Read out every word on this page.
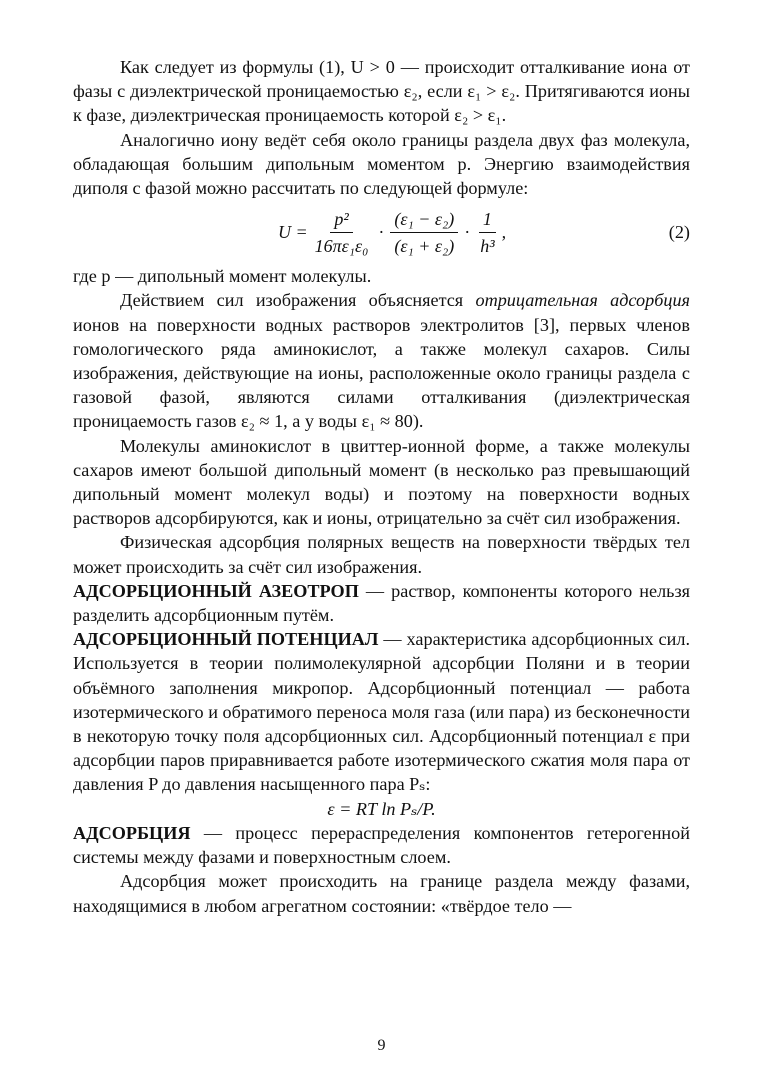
Как следует из формулы (1), U > 0 — происходит отталкивание иона от фазы с диэлектрической проницаемостью ε₂, если ε₁ > ε₂. Притягиваются ионы к фазе, диэлектрическая проницаемость которой ε₂ > ε₁.

Аналогично иону ведёт себя около границы раздела двух фаз молекула, обладающая большим дипольным моментом p. Энергию взаимодействия диполя с фазой можно рассчитать по следующей формуле:

$U = \frac{\text{p²}}{\text{16πε₁ε₀}} \cdot \frac{\text{(ε₁ − ε₂)}}{\text{(ε₁ + ε₂)}} \cdot \frac{1}{\text{h³}}$ ,	(2)

где p — дипольный момент молекулы.

Действием сил изображения объясняется отрицательная адсорбция ионов на поверхности водных растворов электролитов [3], первых членов гомологического ряда аминокислот, а также молекул сахаров. Силы изображения, действующие на ионы, расположенные около границы раздела с газовой фазой, являются силами отталкивания (диэлектрическая проницаемость газов ε₂ ≈ 1, а у воды ε₁ ≈ 80).

Молекулы аминокислот в цвиттер-ионной форме, а также молекулы сахаров имеют большой дипольный момент (в несколько раз превышающий дипольный момент молекул воды) и поэтому на поверхности водных растворов адсорбируются, как и ионы, отрицательно за счёт сил изображения.

Физическая адсорбция полярных веществ на поверхности твёрдых тел может происходить за счёт сил изображения.

АДСОРБЦИОННЫЙ АЗЕОТРОП — раствор, компоненты которого нельзя разделить адсорбционным путём.

АДСОРБЦИОННЫЙ ПОТЕНЦИАЛ — характеристика адсорбционных сил. Используется в теории полимолекулярной адсорбции Поляни и в теории объёмного заполнения микропор. Адсорбционный потенциал — работа изотермического и обратимого переноса моля газа (или пара) из бесконечности в некоторую точку поля адсорбционных сил. Адсорбционный потенциал ε при адсорбции паров приравнивается работе изотермического сжатия моля пара от давления P до давления насыщенного пара Pₛ:

ε = RT ln Pₛ/P.

АДСОРБЦИЯ — процесс перераспределения компонентов гетерогенной системы между фазами и поверхностным слоем.

Адсорбция может происходить на границе раздела между фазами, находящимися в любом агрегатном состоянии: «твёрдое тело —

9
